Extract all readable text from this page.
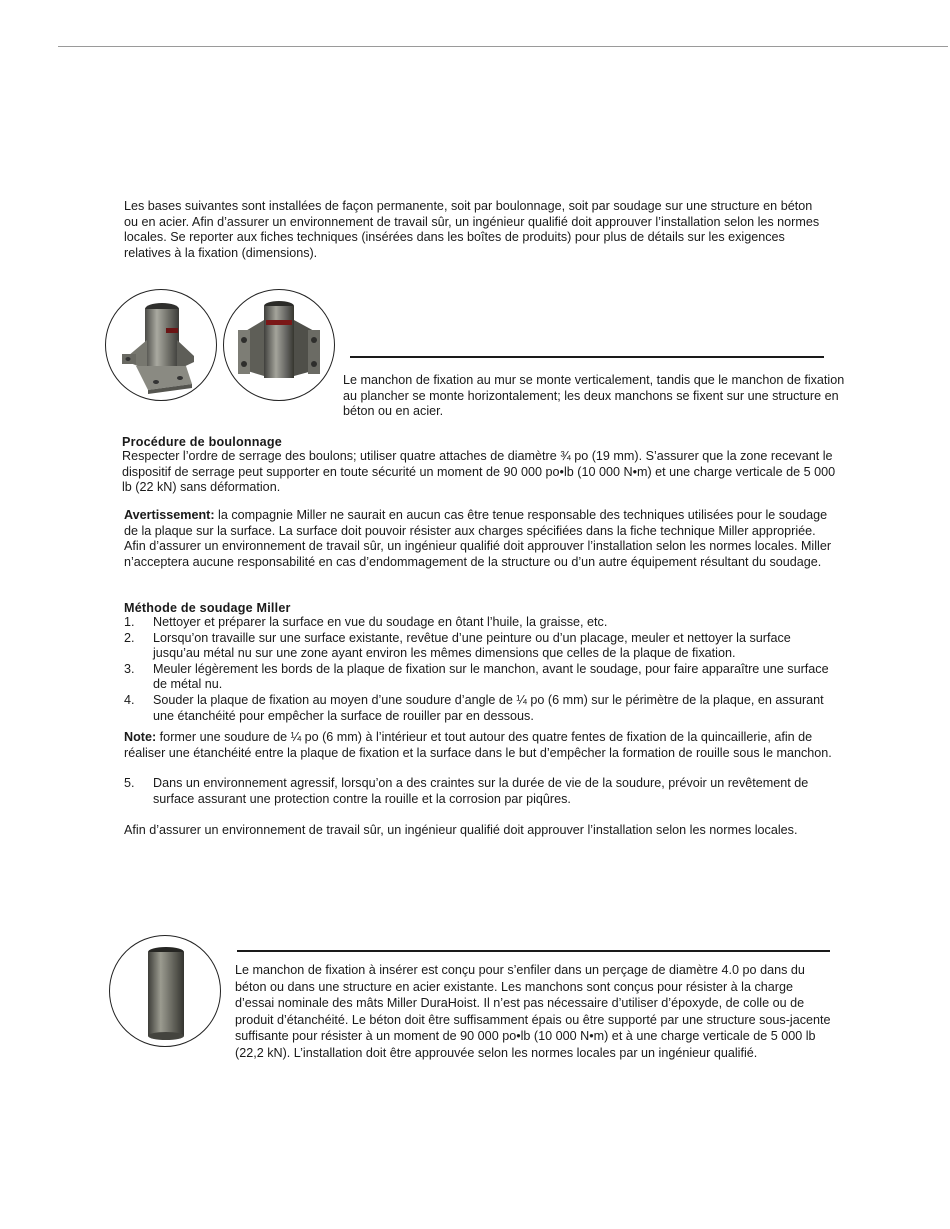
Les bases suivantes sont installées de façon permanente, soit par boulonnage, soit par soudage sur une structure en béton ou en acier. Afin d’assurer un environnement de travail sûr, un ingénieur qualifié doit approuver l’installation selon les normes locales. Se reporter aux fiches techniques (insérées dans les boîtes de produits) pour plus de détails sur les exigences relatives à la fixation (dimensions).

Le manchon de fixation au mur se monte verticalement, tandis que le manchon de fixation au plancher se monte horizontalement; les deux manchons se fixent sur une structure en béton ou en acier.

Procédure de boulonnage

Respecter l’ordre de serrage des boulons; utiliser quatre attaches de diamètre ¾ po (19 mm). S’assurer que la zone recevant le dispositif de serrage peut supporter en toute sécurité un moment de 90 000 po•lb (10 000 N•m) et une charge verticale de 5 000 lb (22 kN) sans déformation.

Avertissement: la compagnie Miller ne saurait en aucun cas être tenue responsable des techniques utilisées pour le soudage de la plaque sur la surface. La surface doit pouvoir résister aux charges spécifiées dans la fiche technique Miller appropriée. Afin d’assurer un environnement de travail sûr, un ingénieur qualifié doit approuver l’installation selon les normes locales. Miller n’acceptera aucune responsabilité en cas d’endommagement de la structure ou d’un autre équipement résultant du soudage.

Méthode de soudage Miller
1. Nettoyer et préparer la surface en vue du soudage en ôtant l’huile, la graisse, etc.
2. Lorsqu’on travaille sur une surface existante, revêtue d’une peinture ou d’un placage, meuler et nettoyer la surface jusqu’au métal nu sur une zone ayant environ les mêmes dimensions que celles de la plaque de fixation.
3. Meuler légèrement les bords de la plaque de fixation sur le manchon, avant le soudage, pour faire apparaître une surface de métal nu.
4. Souder la plaque de fixation au moyen d’une soudure d’angle de ¼ po (6 mm) sur le périmètre de la plaque, en assurant une étanchéité pour empêcher la surface de rouiller par en dessous.

Note: former une soudure de ¼ po (6 mm) à l’intérieur et tout autour des quatre fentes de fixation de la quincaillerie, afin de réaliser une étanchéité entre la plaque de fixation et la surface dans le but d’empêcher la formation de rouille sous le manchon.

5. Dans un environnement agressif, lorsqu’on a des craintes sur la durée de vie de la soudure, prévoir un revêtement de surface assurant une protection contre la rouille et la corrosion par piqûres.

Afin d’assurer un environnement de travail sûr, un ingénieur qualifié doit approuver l’installation selon les normes locales.

Le manchon de fixation à insérer est conçu pour s’enfiler dans un perçage de diamètre 4.0 po dans du béton ou dans une structure en acier existante. Les manchons sont conçus pour résister à la charge d’essai nominale des mâts Miller DuraHoist. Il n’est pas nécessaire d’utiliser d’époxyde, de colle ou de produit d’étanchéité. Le béton doit être suffisamment épais ou être supporté par une structure sous-jacente suffisante pour résister à un moment de 90 000 po•lb (10 000 N•m) et à une charge verticale de 5 000 lb (22,2 kN). L’installation doit être approuvée selon les normes locales par un ingénieur qualifié.
